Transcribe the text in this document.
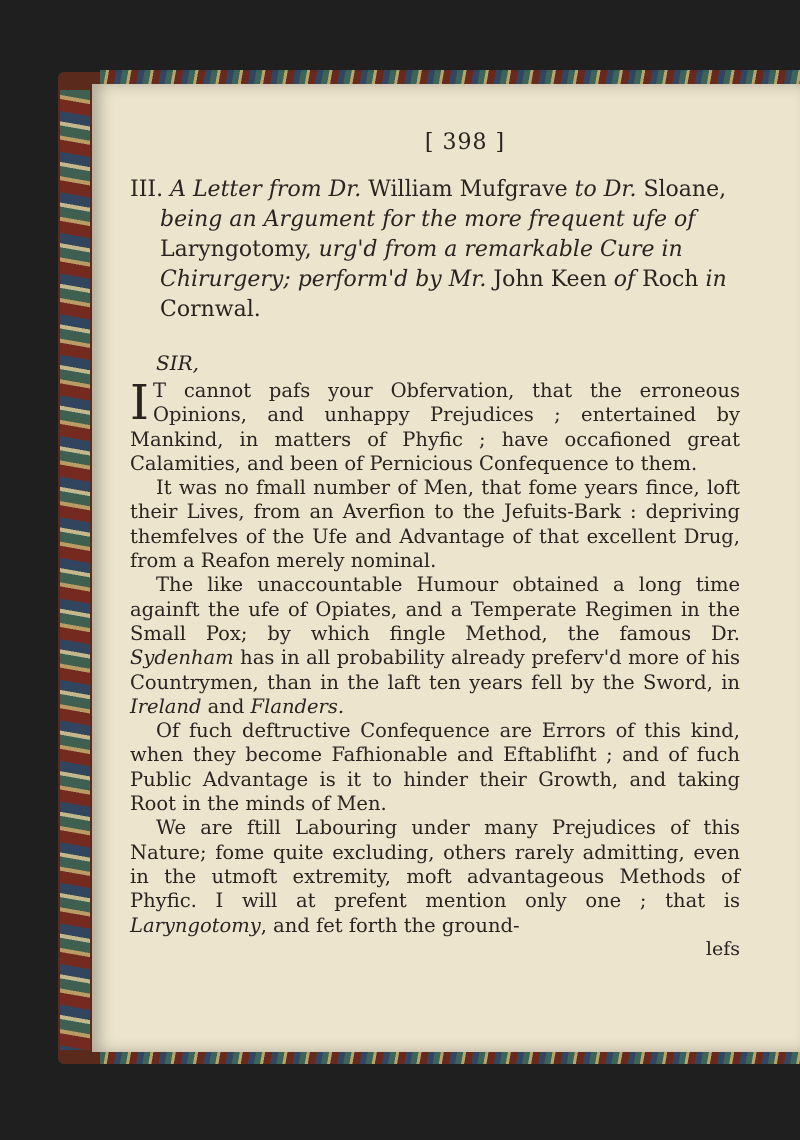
[ 398 ]
III. A Letter from Dr. William Mufgrave to Dr. Sloane, being an Argument for the more frequent ufe of Laryngotomy, urg'd from a remarkable Cure in Chirurgery; perform'd by Mr. John Keen of Roch in Cornwal.
SIR,

I T cannot pafs your Obfervation, that the erroneous Opinions, and unhappy Prejudices ; entertained by Mankind, in matters of Phyfic ; have occafioned great Calamities, and been of Pernicious Confequence to them.

It was no fmall number of Men, that fome years fince, loft their Lives, from an Averfion to the Jefuits-Bark : depriving themfelves of the Ufe and Advantage of that excellent Drug, from a Reafon merely nominal.

The like unaccountable Humour obtained a long time againft the ufe of Opiates, and a Temperate Regimen in the Small Pox; by which fingle Method, the famous Dr. Sydenham has in all probability already preferv'd more of his Countrymen, than in the laft ten years fell by the Sword, in Ireland and Flanders.

Of fuch deftructive Confequence are Errors of this kind, when they become Fafhionable and Eftablifht ; and of fuch Public Advantage is it to hinder their Growth, and taking Root in the minds of Men.

We are ftill Labouring under many Prejudices of this Nature; fome quite excluding, others rarely admitting, even in the utmoft extremity, moft advantageous Methods of Phyfic. I will at prefent mention only one ; that is Laryngotomy, and fet forth the ground-

lefs
